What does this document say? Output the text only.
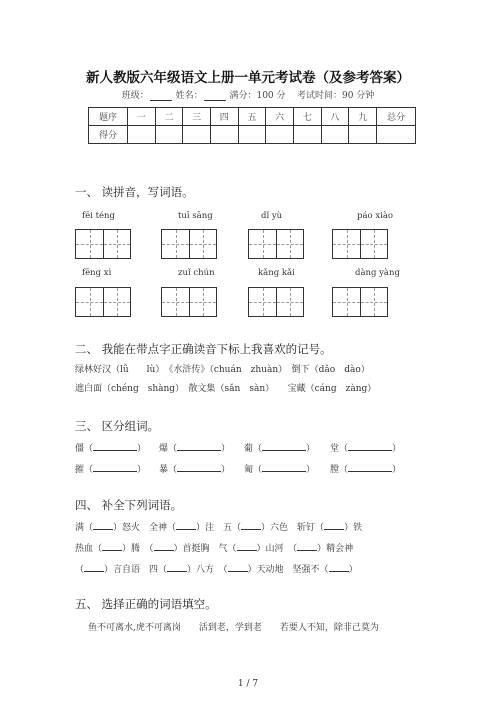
新人教版六年级语文上册一单元考试卷（及参考答案）
班级：	姓名：	满分：100 分 考试时间：90 分钟
题序	一	二	三	四	五	六	七	八	九	总分
得分										
一、 读拼音，写词语。
fēi téng	tuī sāng	dǐ yù	páo xiào
fēng xì	zuǐ chún	kǎng kǎi	dàng yàng
二、 我能在带点字正确读音下标上我喜欢的记号。
绿林好汉（lǚ　　lù）　《水浒传》（chuán　zhuàn）　倒下（dǎo　dào）
遮白面（chéng　shàng）　散文集（sǎn　sàn）　　宝藏（cáng　zàng）
三、 区分组词。
僵（	） 爆（	） 葡（	） 堂（	）
摧（	） 暴（	） 匍（	） 膛（	）
四、 补全下列词语。
满（ ）怒火　全神（ ）注　五（ ）六色　斩钉（ ）铁
热血（ ）腾　（ ）首挺胸　气（ ）山河　（ ）精会神
（ ）言自语　四（ ）八方　（ ）天动地　坚强不（ ）
五、 选择正确的词语填空。
鱼不可离水,虎不可离岗　　活到老，学到老　　若要人不知，除非己莫为
1 / 7
